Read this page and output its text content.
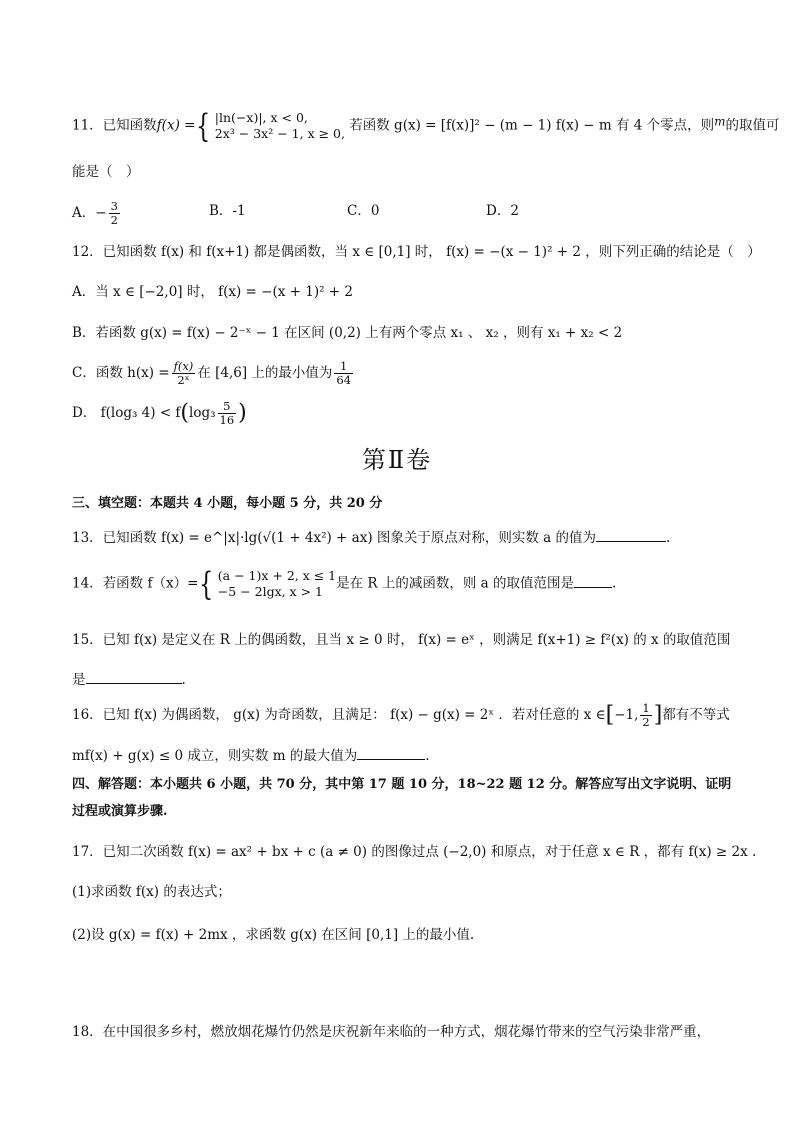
11．已知函数f(x) ={ |ln(−x)|, x < 0,
2x³ − 3x² − 1, x ≥ 0, 若函数 g(x) = [f(x)]² − (m − 1) f(x) − m 有 4 个零点，则m的取值可
能是（　）
A．− $\frac{3}{2}$	B．-1	C．0	D．2
12．已知函数 f(x) 和 f(x+1) 都是偶函数，当 x ∈ [0,1] 时， f(x) = −(x − 1)² + 2 ，则下列正确的结论是（　）
A．当 x ∈ [−2,0] 时， f(x) = −(x + 1)² + 2
B．若函数 g(x) = f(x) − 2⁻ˣ − 1 在区间 (0,2) 上有两个零点 x₁ 、 x₂ ，则有 x₁ + x₂ < 2
C．函数 $h(x) = \frac{f(x)}{\text{2ˣ}}$ 在 [4,6] 上的最小值为 $\frac{1}{64}$
D． f(log₃ $4) < f(\log_3 \frac{5}{16}$ )
第Ⅱ卷
三、填空题：本题共 4 小题，每小题 5 分，共 20 分
13．已知函数 f(x) = e^|x|·lg(√(1 + 4x²) + ax) 图象关于原点对称，则实数 a 的值为	.
14．若函数 f（x）={ (a − 1)x + 2, x ≤ 1
−5 − 2lgx, x > 1 是在 R 上的减函数，则 a 的取值范围是	.
15．已知 f(x) 是定义在 R 上的偶函数，且当 x ≥ 0 时， f(x) = eˣ ，则满足 f(x+1) ≥ f²(x) 的 x 的取值范围
是	.
16．已知 f(x) 为偶函数， g(x) 为奇函数，且满足： f(x) − g(x) = 2ˣ ．若对任意的 x ∈[−1, $\frac{1}{2}$ ]都有不等式
mf(x) + g(x) ≤ 0 成立，则实数 m 的最大值为	.
四、解答题：本小题共 6 小题，共 70 分，其中第 17 题 10 分，18~22 题 12 分。解答应写出文字说明、证明
过程或演算步骤.
17．已知二次函数 f(x) = ax² + bx + c (a ≠ 0) 的图像过点 (−2,0) 和原点，对于任意 x ∈ R ，都有 f(x) ≥ 2x .
(1)求函数 f(x) 的表达式；
(2)设 g(x) = f(x) + 2mx ，求函数 g(x) 在区间 [0,1] 上的最小值.
18．在中国很多乡村，燃放烟花爆竹仍然是庆祝新年来临的一种方式，烟花爆竹带来的空气污染非常严重，
